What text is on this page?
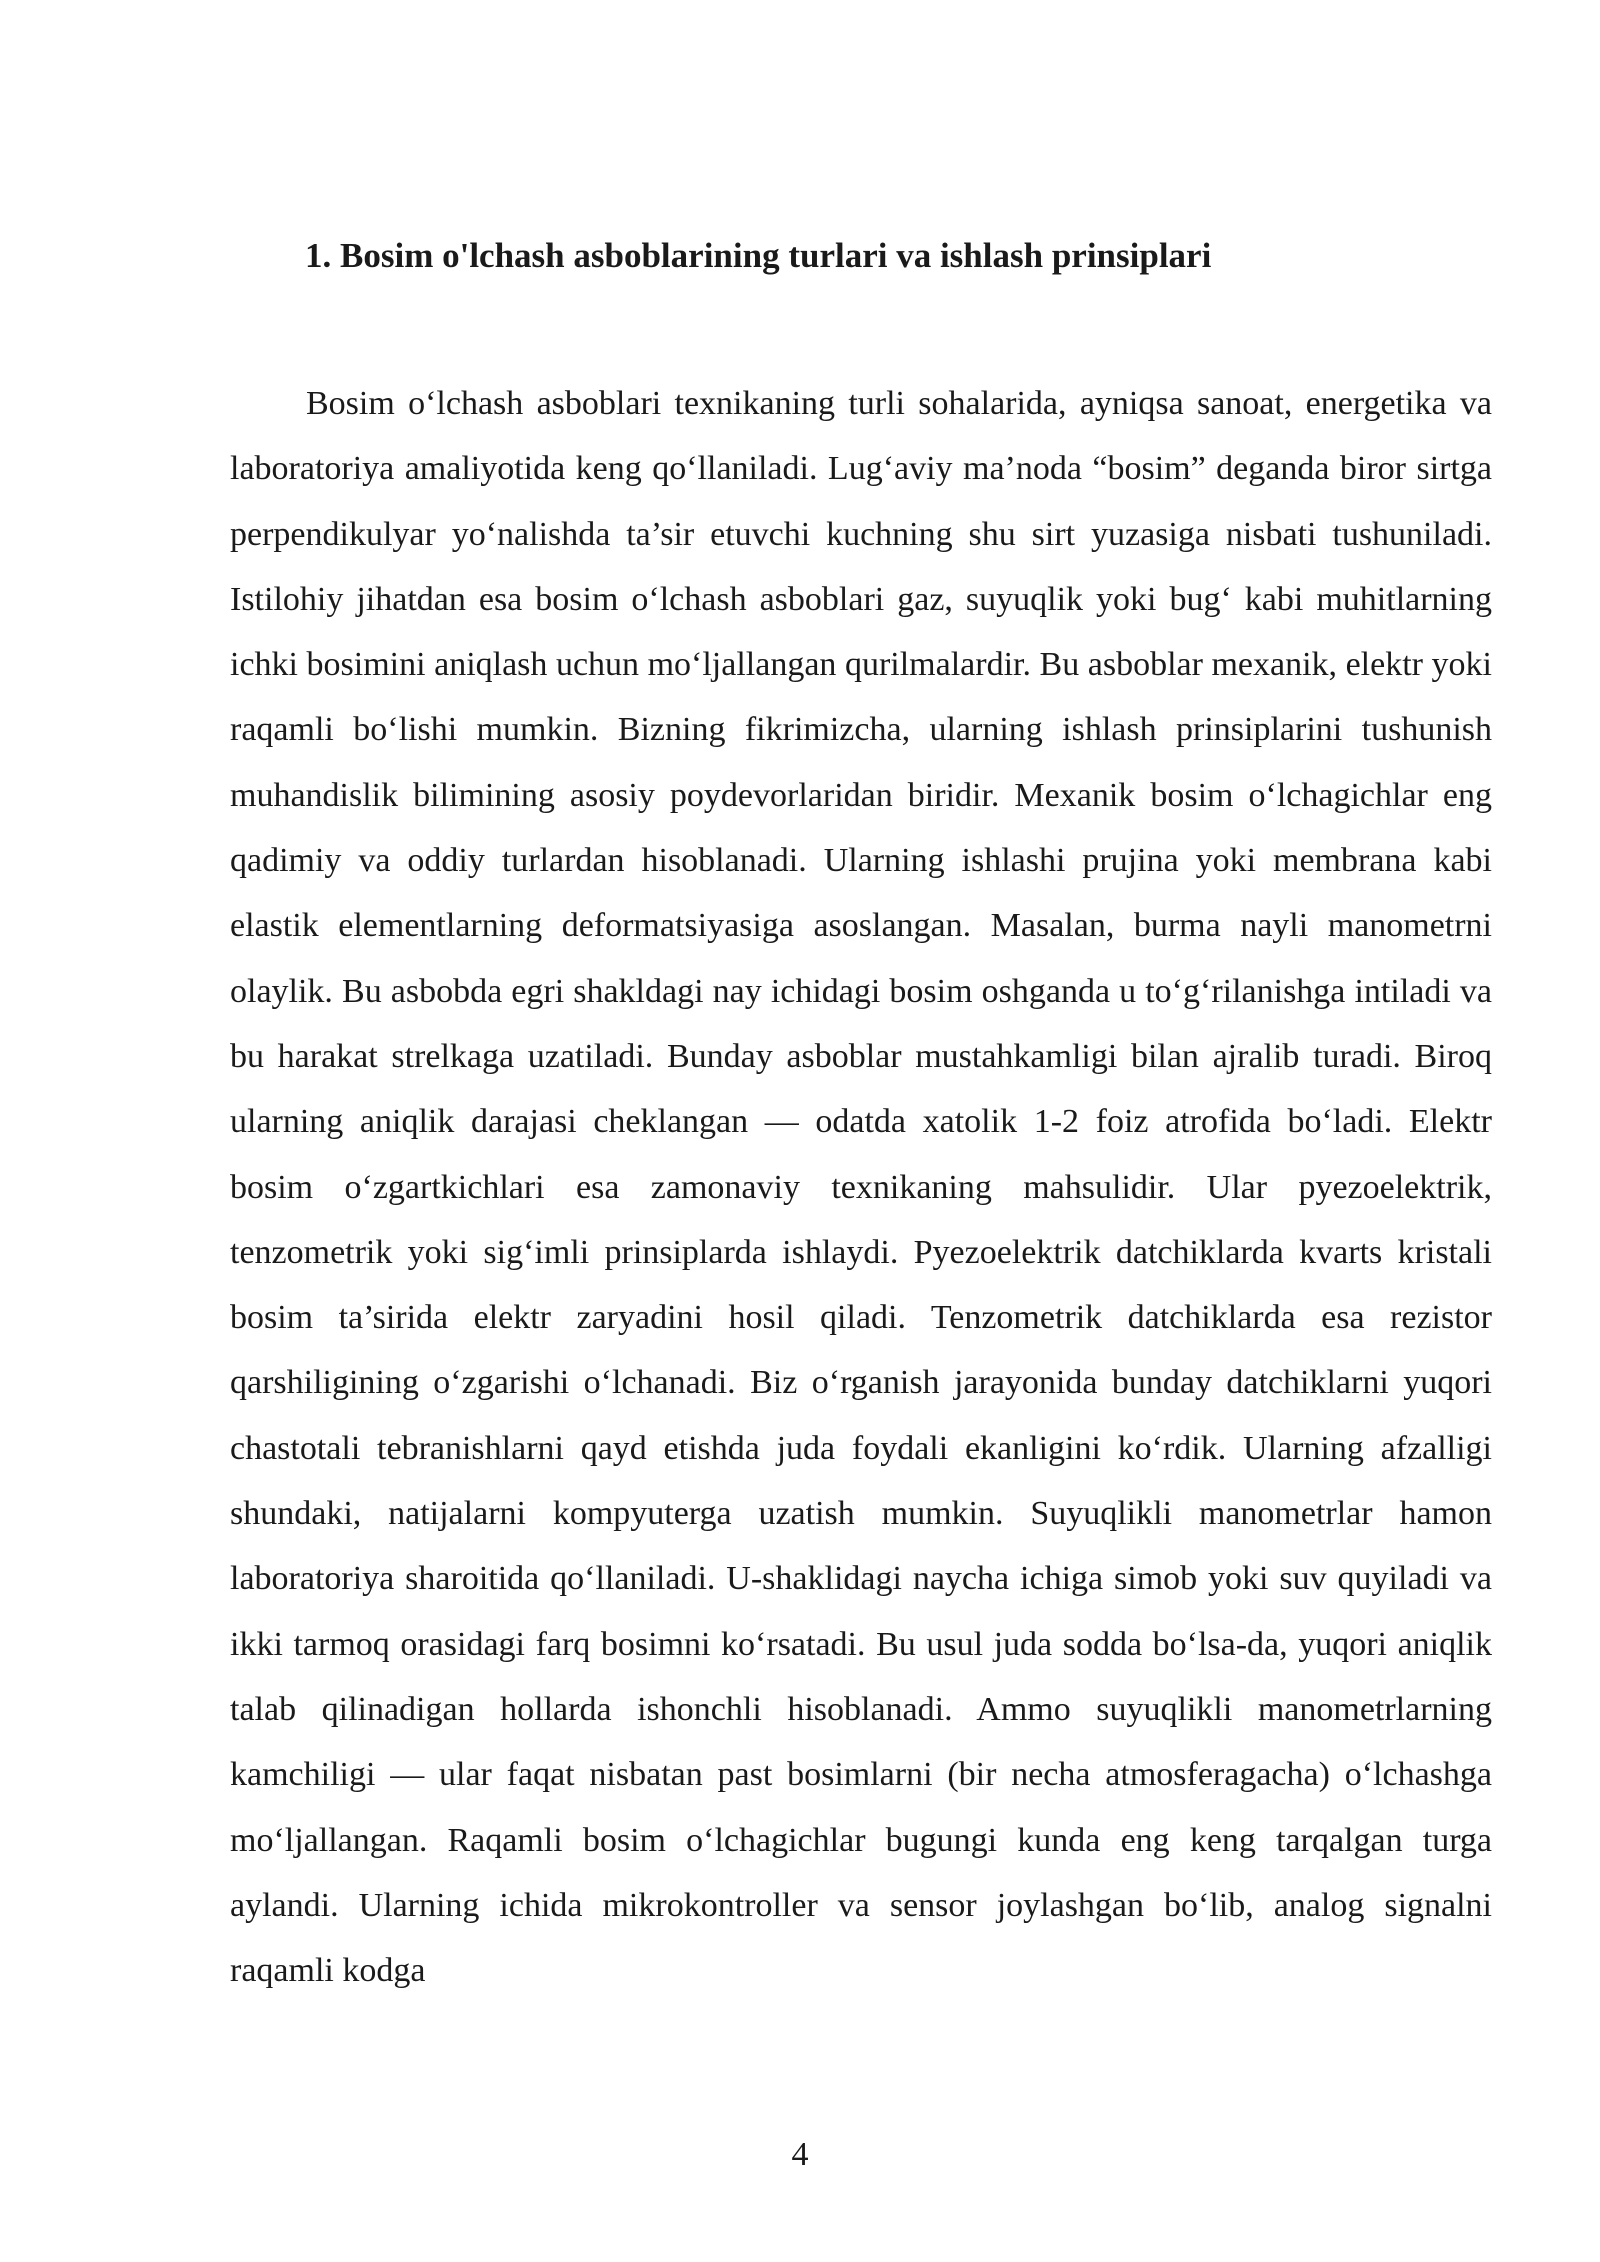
1. Bosim o'lchash asboblarining turlari va ishlash prinsiplari

Bosim o‘lchash asboblari texnikaning turli sohalarida, ayniqsa sanoat, energetika va laboratoriya amaliyotida keng qo‘llaniladi. Lug‘aviy ma’noda “bosim” deganda biror sirtga perpendikulyar yo‘nalishda ta’sir etuvchi kuchning shu sirt yuzasiga nisbati tushuniladi. Istilohiy jihatdan esa bosim o‘lchash asboblari gaz, suyuqlik yoki bug‘ kabi muhitlarning ichki bosimini aniqlash uchun mo‘ljallangan qurilmalardir. Bu asboblar mexanik, elektr yoki raqamli bo‘lishi mumkin. Bizning fikrimizcha, ularning ishlash prinsiplarini tushunish muhandislik bilimining asosiy poydevorlaridan biridir. Mexanik bosim o‘lchagichlar eng qadimiy va oddiy turlardan hisoblanadi. Ularning ishlashi prujina yoki membrana kabi elastik elementlarning deformatsiyasiga asoslangan. Masalan, burma nayli manometrni olaylik. Bu asbobda egri shakldagi nay ichidagi bosim oshganda u to‘g‘rilanishga intiladi va bu harakat strelkaga uzatiladi. Bunday asboblar mustahkamligi bilan ajralib turadi. Biroq ularning aniqlik darajasi cheklangan — odatda xatolik 1-2 foiz atrofida bo‘ladi. Elektr bosim o‘zgartkichlari esa zamonaviy texnikaning mahsulidir. Ular pyezoelektrik, tenzometrik yoki sig‘imli prinsiplarda ishlaydi. Pyezoelektrik datchiklarda kvarts kristali bosim ta’sirida elektr zaryadini hosil qiladi. Tenzometrik datchiklarda esa rezistor qarshiligining o‘zgarishi o‘lchanadi. Biz o‘rganish jarayonida bunday datchiklarni yuqori chastotali tebranishlarni qayd etishda juda foydali ekanligini ko‘rdik. Ularning afzalligi shundaki, natijalarni kompyuterga uzatish mumkin. Suyuqlikli manometrlar hamon laboratoriya sharoitida qo‘llaniladi. U-shaklidagi naycha ichiga simob yoki suv quyiladi va ikki tarmoq orasidagi farq bosimni ko‘rsatadi. Bu usul juda sodda bo‘lsa-da, yuqori aniqlik talab qilinadigan hollarda ishonchli hisoblanadi. Ammo suyuqlikli manometrlarning kamchiligi — ular faqat nisbatan past bosimlarni (bir necha atmosferagacha) o‘lchashga mo‘ljallangan. Raqamli bosim o‘lchagichlar bugungi kunda eng keng tarqalgan turga aylandi. Ularning ichida mikrokontroller va sensor joylashgan bo‘lib, analog signalni raqamli kodga

4
